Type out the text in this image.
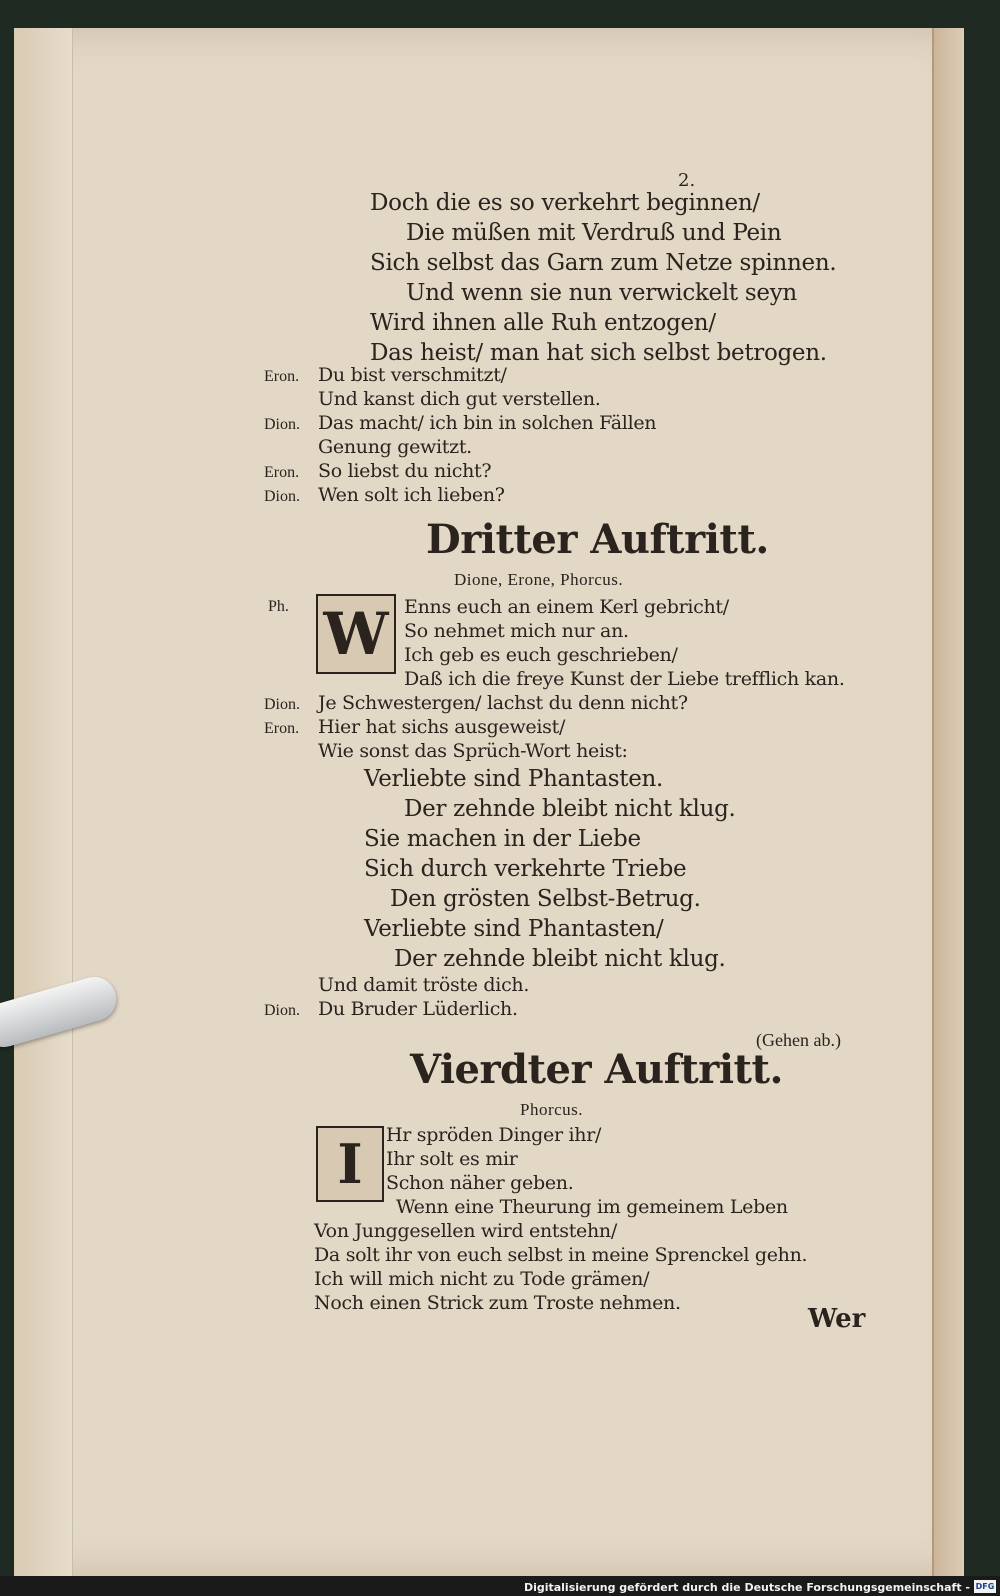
2.
Doch die es so verkehrt beginnen/
Die müßen mit Verdruß und Pein
Sich selbst das Garn zum Netze spinnen.
Und wenn sie nun verwickelt seyn
Wird ihnen alle Ruh entzogen/
Das heist/ man hat sich selbst betrogen.
Eron. Du bist verschmitzt/
Und kanst dich gut verstellen.
Dion. Das macht/ ich bin in solchen Fällen
Genung gewitzt.
Eron. So liebst du nicht?
Dion. Wen solt ich lieben?
Dritter Auftritt.
Dione, Erone, Phorcus.
Ph. W Enns euch an einem Kerl gebricht/
So nehmet mich nur an.
Ich geb es euch geschrieben/
Daß ich die freye Kunst der Liebe trefflich kan.
Dion. Je Schwestergen/ lachst du denn nicht?
Eron. Hier hat sichs ausgeweist/
Wie sonst das Sprüch-Wort heist:
Verliebte sind Phantasten.
Der zehnde bleibt nicht klug.
Sie machen in der Liebe
Sich durch verkehrte Triebe
Den grösten Selbst-Betrug.
Verliebte sind Phantasten/
Der zehnde bleibt nicht klug.
Und damit tröste dich.
Dion. Du Bruder Lüderlich.
(Gehen ab.)
Vierdter Auftritt.
Phorcus.
I	Hr spröden Dinger ihr/
Ihr solt es mir
Schon näher geben.
Wenn eine Theurung im gemeinem Leben
Von Junggesellen wird entstehn/
Da solt ihr von euch selbst in meine Sprenckel gehn.
Ich will mich nicht zu Tode grämen/
Noch einen Strick zum Troste nehmen.
Wer
Digitalisierung gefördert durch die Deutsche Forschungsgemeinschaft - DFG
